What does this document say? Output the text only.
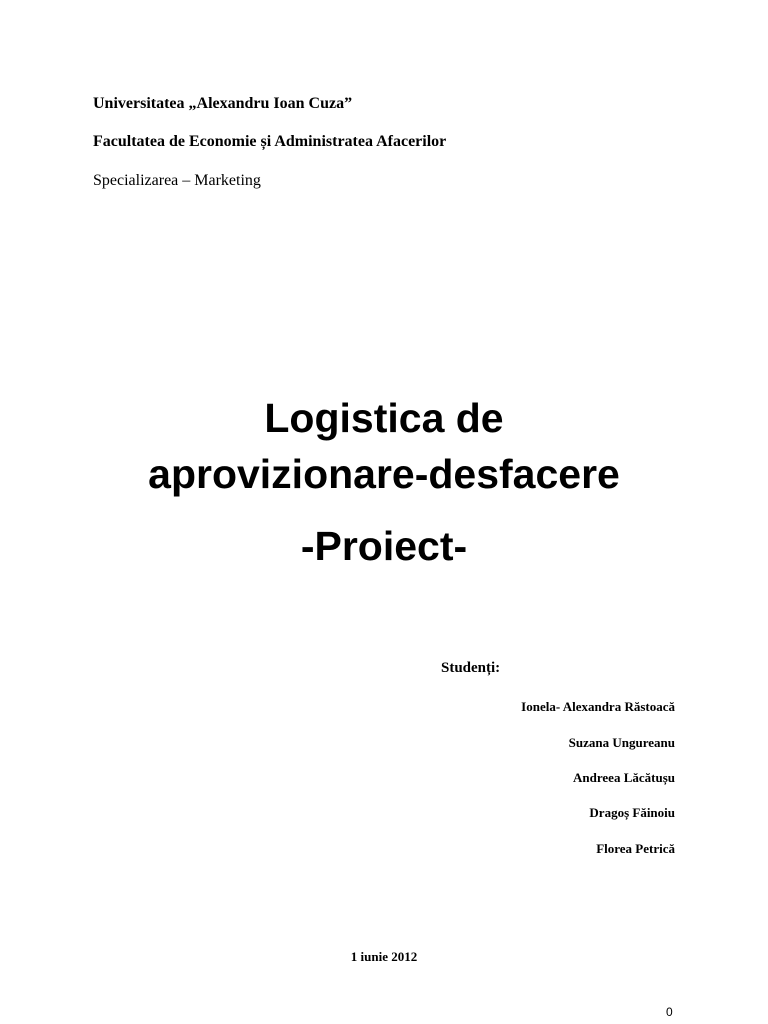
Universitatea „Alexandru Ioan Cuza”
Facultatea de Economie și Administratea Afacerilor
Specializarea – Marketing
Logistica de
aprovizionare-desfacere
-Proiect-
Studenți:
Ionela- Alexandra Răstoacă
Suzana Ungureanu
Andreea Lăcătușu
Dragoș Făinoiu
Florea Petrică
1 iunie 2012
0
